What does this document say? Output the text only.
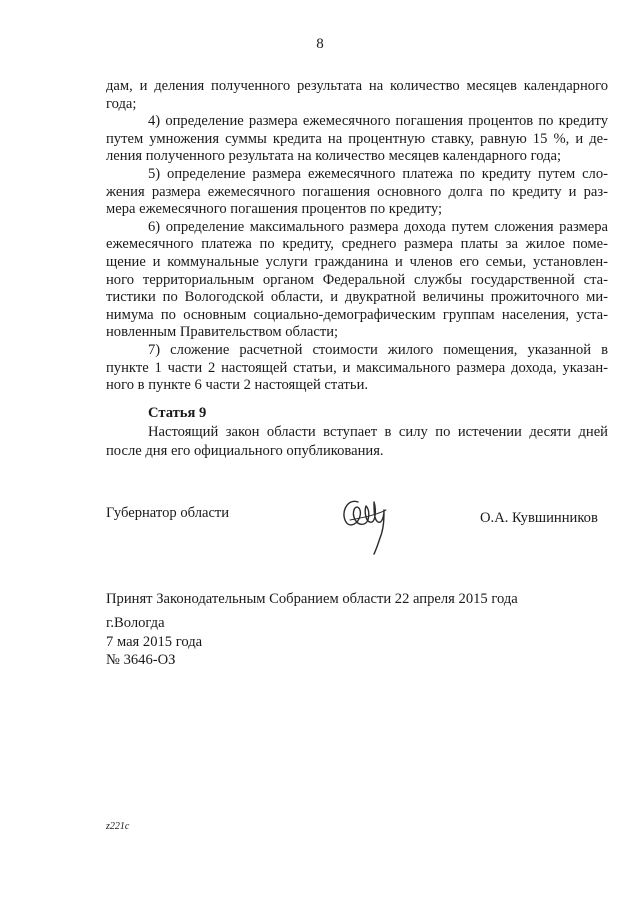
8
дам, и деления полученного результата на количество месяцев календарного
года;
4) определение размера ежемесячного погашения процентов по кредиту
путем умножения суммы кредита на процентную ставку, равную 15 %, и де-
ления полученного результата на количество месяцев календарного года;
5) определение размера ежемесячного платежа по кредиту путем сло-
жения размера ежемесячного погашения основного долга по кредиту и раз-
мера ежемесячного погашения процентов по кредиту;
6) определение максимального размера дохода путем сложения размера
ежемесячного платежа по кредиту, среднего размера платы за жилое поме-
щение и коммунальные услуги гражданина и членов его семьи, установлен-
ного территориальным органом Федеральной службы государственной ста-
тистики по Вологодской области, и двукратной величины прожиточного ми-
нимума по основным социально-демографическим группам населения, уста-
новленным Правительством области;
7) сложение расчетной стоимости жилого помещения, указанной в
пункте 1 части 2 настоящей статьи, и максимального размера дохода, указан-
ного в пункте 6 части 2 настоящей статьи.
Статья 9
Настоящий закон области вступает в силу по истечении десяти дней
после дня его официального опубликования.
Губернатор области	О.А. Кувшинников
Принят Законодательным Собранием области 22 апреля 2015 года
г.Вологда
7 мая 2015 года
№ 3646-ОЗ
z221c
